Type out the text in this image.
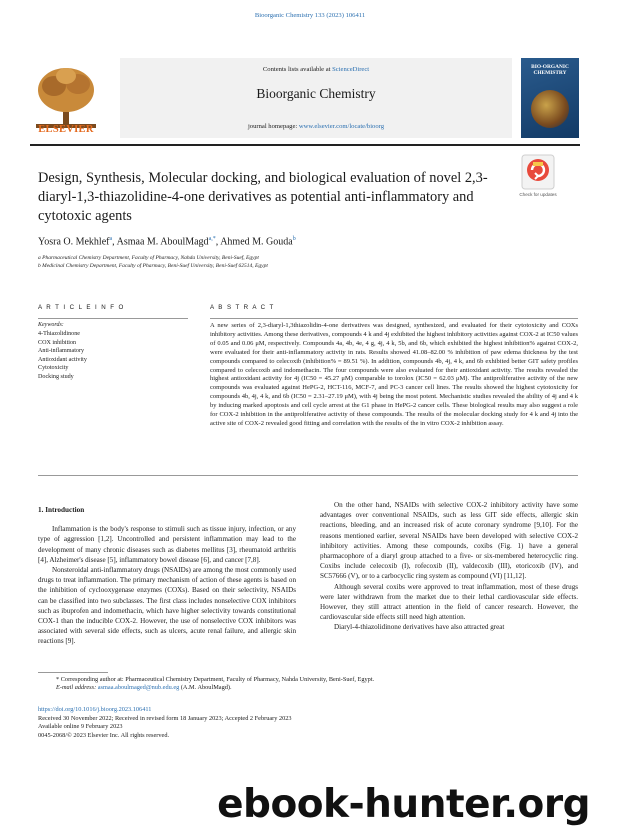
Bioorganic Chemistry 133 (2023) 106411
Contents lists available at ScienceDirect
Bioorganic Chemistry
journal homepage: www.elsevier.com/locate/bioorg
ELSEVIER
BIO-ORGANIC CHEMISTRY
Design, Synthesis, Molecular docking, and biological evaluation of novel 2,3-diaryl-1,3-thiazolidine-4-one derivatives as potential anti-inflammatory and cytotoxic agents
Check for updates
Yosra O. Mekhlef$^a$, Asmaa M. AboulMagd$^{a,*}$, Ahmed M. Gouda$^b$
a Pharmaceutical Chemistry Department, Faculty of Pharmacy, Nahda University, Beni-Suef, Egypt
b Medicinal Chemistry Department, Faculty of Pharmacy, Beni-Suef University, Beni-Suef 62514, Egypt
A R T I C L E I N F O	A B S T R A C T
Keywords:
4-Thiazolidinone
COX inhibition
Anti-inflammatory
Antioxidant activity
Cytotoxicity
Docking study
A new series of 2,3-diaryl-1,3thiazolidin-4-one derivatives was designed, synthesized, and evaluated for their cytotoxicity and COXs inhibitory activities. Among these derivatives, compounds 4 k and 4j exhibited the highest inhibitory activities against COX-2 at IC50 values of 0.05 and 0.06 μM, respectively. Compounds 4a, 4b, 4e, 4 g, 4j, 4 k, 5b, and 6b, which exhibited the highest inhibition% against COX-2, were evaluated for their anti-inflammatory activity in rats. Results showed 41.08–82.00 % inhibition of paw edema thickness by the test compounds compared to celecoxib (inhibition% = 89.51 %). In addition, compounds 4b, 4j, 4 k, and 6b exhibited better GIT safety profiles compared to celecoxib and indomethacin. The four compounds were also evaluated for their antioxidant activity. The results revealed the highest antioxidant activity for 4j (IC50 = 45.27 μM) comparable to torolox (IC50 = 62.03 μM). The antiproliferative activity of the new compounds was evaluated against HePG-2, HCT-116, MCF-7, and PC-3 cancer cell lines. The results showed the highest cytotoxicity for compounds 4b, 4j, 4 k, and 6b (IC50 = 2.31–27.19 μM), with 4j being the most potent. Mechanistic studies revealed the ability of 4j and 4 k by inducing marked apoptosis and cell cycle arrest at the G1 phase in HePG-2 cancer cells. These biological results may also suggest a role for COX-2 inhibition in the antiproliferative activity of these compounds. The results of the molecular docking study for 4 k and 4j into the active site of COX-2 revealed good fitting and correlation with the results of the in vitro COX-2 inhibition assay.
1. Introduction

Inflammation is the body's response to stimuli such as tissue injury, infection, or any type of aggression [1,2]. Uncontrolled and persistent inflammation may lead to the development of many chronic diseases such as diabetes mellitus [3], rheumatoid arthritis [4], Alzheimer's disease [5], inflammatory bowel disease [6], and cancer [7,8].

Nonsteroidal anti-inflammatory drugs (NSAIDs) are among the most commonly used drugs to treat inflammation. The primary mechanism of action of these agents is based on the inhibition of cyclooxygenase enzymes (COXs). Based on their selectivity, NSAIDs can be classified into two subclasses. The first class includes nonselective COX inhibitors such as ibuprofen and indomethacin, which have higher selectivity towards constitutional COX-1 than the inducible COX-2. However, the use of nonselective COX inhibitors was associated with several side effects, such as ulcers, acute renal failure, and allergic skin reactions [9].

On the other hand, NSAIDs with selective COX-2 inhibitory activity have some advantages over conventional NSAIDs, such as less GIT side effects, allergic skin reactions, bleeding, and an increased risk of acute coronary syndrome [9,10]. For the reasons mentioned earlier, several NSAIDs have been developed with selective COX-2 inhibitory activities. Among these compounds, coxibs (Fig. 1) have a general pharmacophore of a diaryl group attached to a five- or six-membered heterocyclic ring. Coxibs include celecoxib (I), rofecoxib (II), valdecoxib (III), etoricoxib (IV), and SC57666 (V), or to a carbocyclic ring system as compound (VI) [11,12].

Although several coxibs were approved to treat inflammation, most of these drugs were later withdrawn from the market due to their lethal cardiovascular side effects. However, they still attract attention in the field of cancer research. However, the cardiovascular side effects still need high attention.

Diaryl-4-thiazolidinone derivatives have also attracted great

* Corresponding author at: Pharmaceutical Chemistry Department, Faculty of Pharmacy, Nahda University, Beni-Suef, Egypt.
E-mail address: asmaa.aboulmaged@nub.edu.eg (A.M. AboulMagd).
https://doi.org/10.1016/j.bioorg.2023.106411
Received 30 November 2022; Received in revised form 18 January 2023; Accepted 2 February 2023
Available online 9 February 2023
0045-2068/© 2023 Elsevier Inc. All rights reserved.
ebook-hunter.org
